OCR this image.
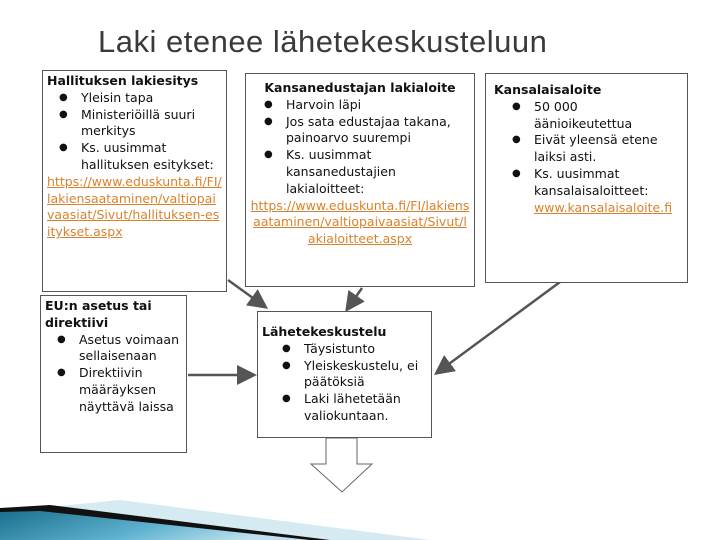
Laki etenee lähetekeskusteluun
Hallituksen lakiesitys
● Yleisin tapa
● Ministeriöillä suuri merkitys
● Ks. uusimmat hallituksen esitykset:
https://www.eduskunta.fi/FI/lakiensaataminen/valtiopaivaasiat/Sivut/hallituksen-esitykset.aspx
Kansanedustajan lakialoite
● Harvoin läpi
● Jos sata edustajaa takana, painoarvo suurempi
● Ks. uusimmat kansanedustajien lakialoitteet:
https://www.eduskunta.fi/FI/lakiensaataminen/valtiopaivaasiat/Sivut/lakialoitteet.aspx
Kansalaisaloite
● 50 000 äänioikeutettua
● Eivät yleensä etene laiksi asti.
● Ks. uusimmat kansalaisaloitteet:
www.kansalaisaloite.fi
EU:n asetus tai direktiivi
● Asetus voimaan sellaisenaan
● Direktiivin määräyksen näyttävä laissa
Lähetekeskustelu
● Täysistunto
● Yleiskeskustelu, ei päätöksiä
● Laki lähetetään valiokuntaan.
